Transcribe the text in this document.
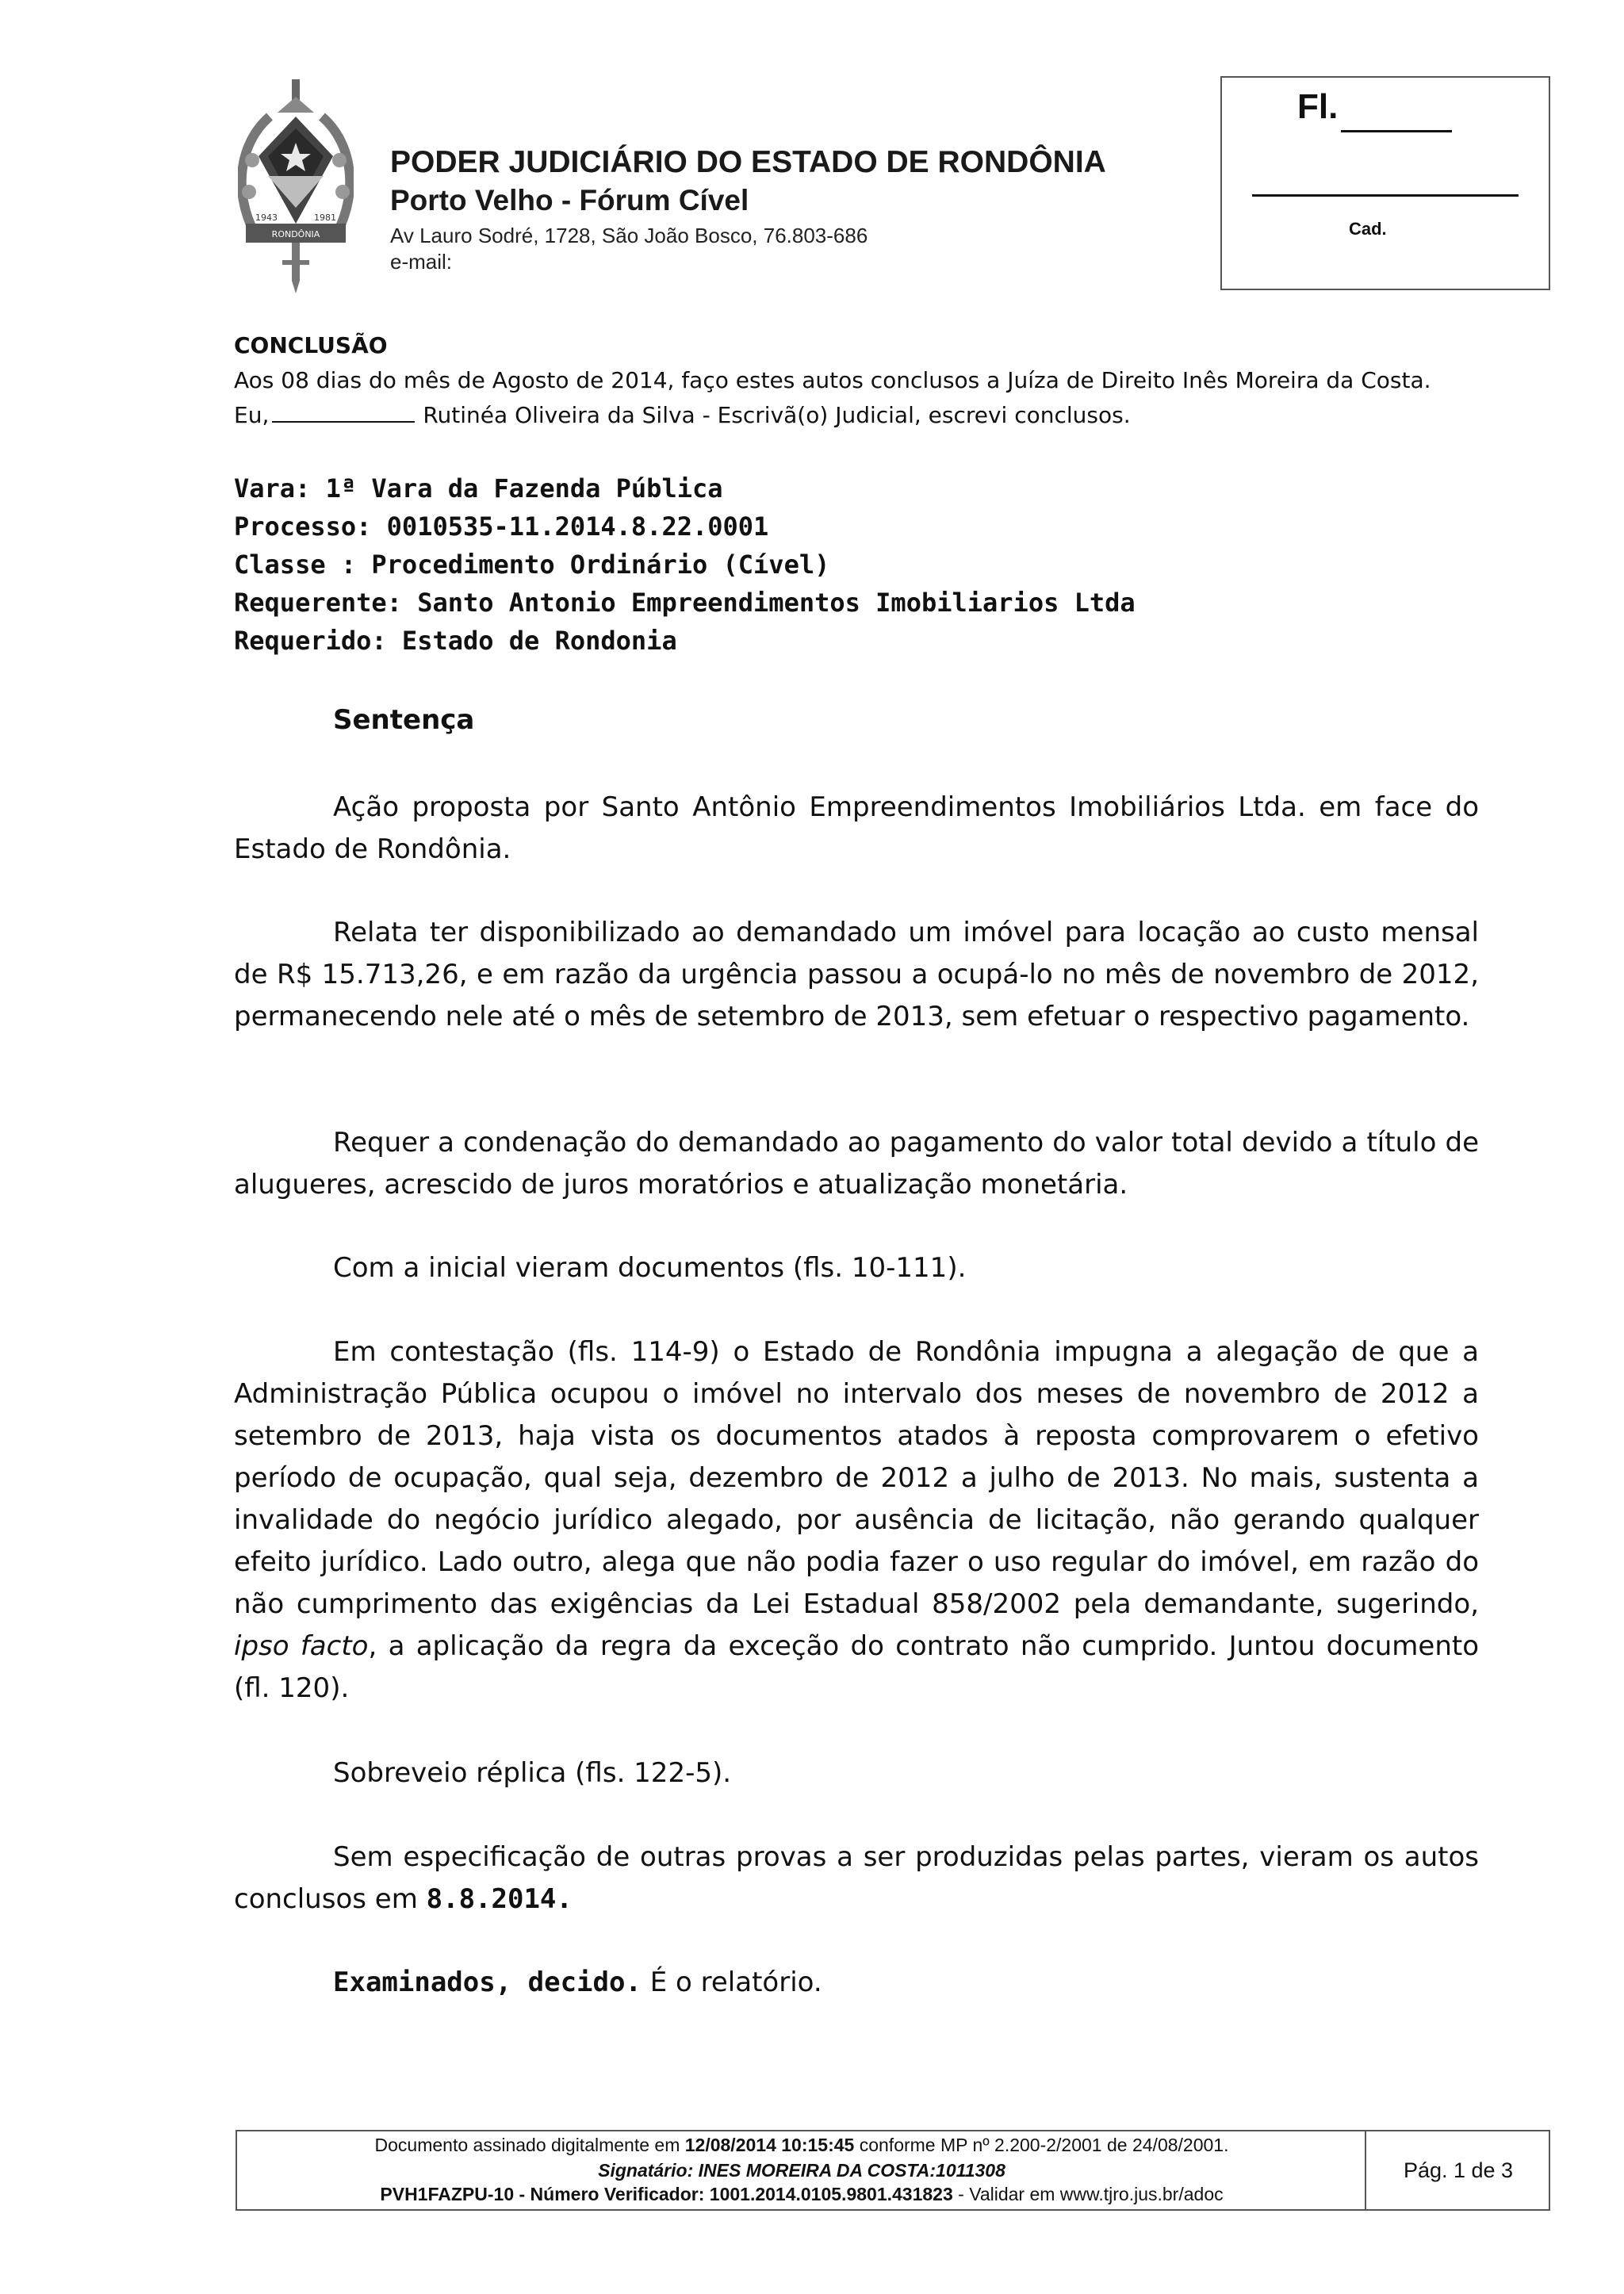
RONDÔNIA
1943	1981
PODER JUDICIÁRIO DO ESTADO DE RONDÔNIA
Porto Velho - Fórum Cível
Av Lauro Sodré, 1728, São João Bosco, 76.803-686
e-mail:
Fl.
Cad.
CONCLUSÃO
Aos 08 dias do mês de Agosto de 2014, faço estes autos conclusos a Juíza de Direito Inês Moreira da Costa.
Eu,	Rutinéa Oliveira da Silva - Escrivã(o) Judicial, escrevi conclusos.
Vara: 1ª Vara da Fazenda Pública
Processo: 0010535-11.2014.8.22.0001
Classe : Procedimento Ordinário (Cível)
Requerente: Santo Antonio Empreendimentos Imobiliarios Ltda
Requerido: Estado de Rondonia
Sentença

Ação proposta por Santo Antônio Empreendimentos Imobiliários Ltda. em face do Estado de Rondônia.

Relata ter disponibilizado ao demandado um imóvel para locação ao custo mensal de R$ 15.713,26, e em razão da urgência passou a ocupá-lo no mês de novembro de 2012, permanecendo nele até o mês de setembro de 2013, sem efetuar o respectivo pagamento.

Requer a condenação do demandado ao pagamento do valor total devido a título de alugueres, acrescido de juros moratórios e atualização monetária.

Com a inicial vieram documentos (fls. 10-111).

Em contestação (fls. 114-9) o Estado de Rondônia impugna a alegação de que a Administração Pública ocupou o imóvel no intervalo dos meses de novembro de 2012 a setembro de 2013, haja vista os documentos atados à reposta comprovarem o efetivo período de ocupação, qual seja, dezembro de 2012 a julho de 2013. No mais, sustenta a invalidade do negócio jurídico alegado, por ausência de licitação, não gerando qualquer efeito jurídico. Lado outro, alega que não podia fazer o uso regular do imóvel, em razão do não cumprimento das exigências da Lei Estadual 858/2002 pela demandante, sugerindo, ipso facto, a aplicação da regra da exceção do contrato não cumprido. Juntou documento (fl. 120).

Sobreveio réplica (fls. 122-5).

Sem especificação de outras provas a ser produzidas pelas partes, vieram os autos conclusos em 8.8.2014.

Examinados, decido. É o relatório.

Documento assinado digitalmente em 12/08/2014 10:15:45 conforme MP nº 2.200-2/2001 de 24/08/2001.
Signatário: INES MOREIRA DA COSTA:1011308
PVH1FAZPU-10 - Número Verificador: 1001.2014.0105.9801.431823 - Validar em www.tjro.jus.br/adoc
Pág. 1 de 3
